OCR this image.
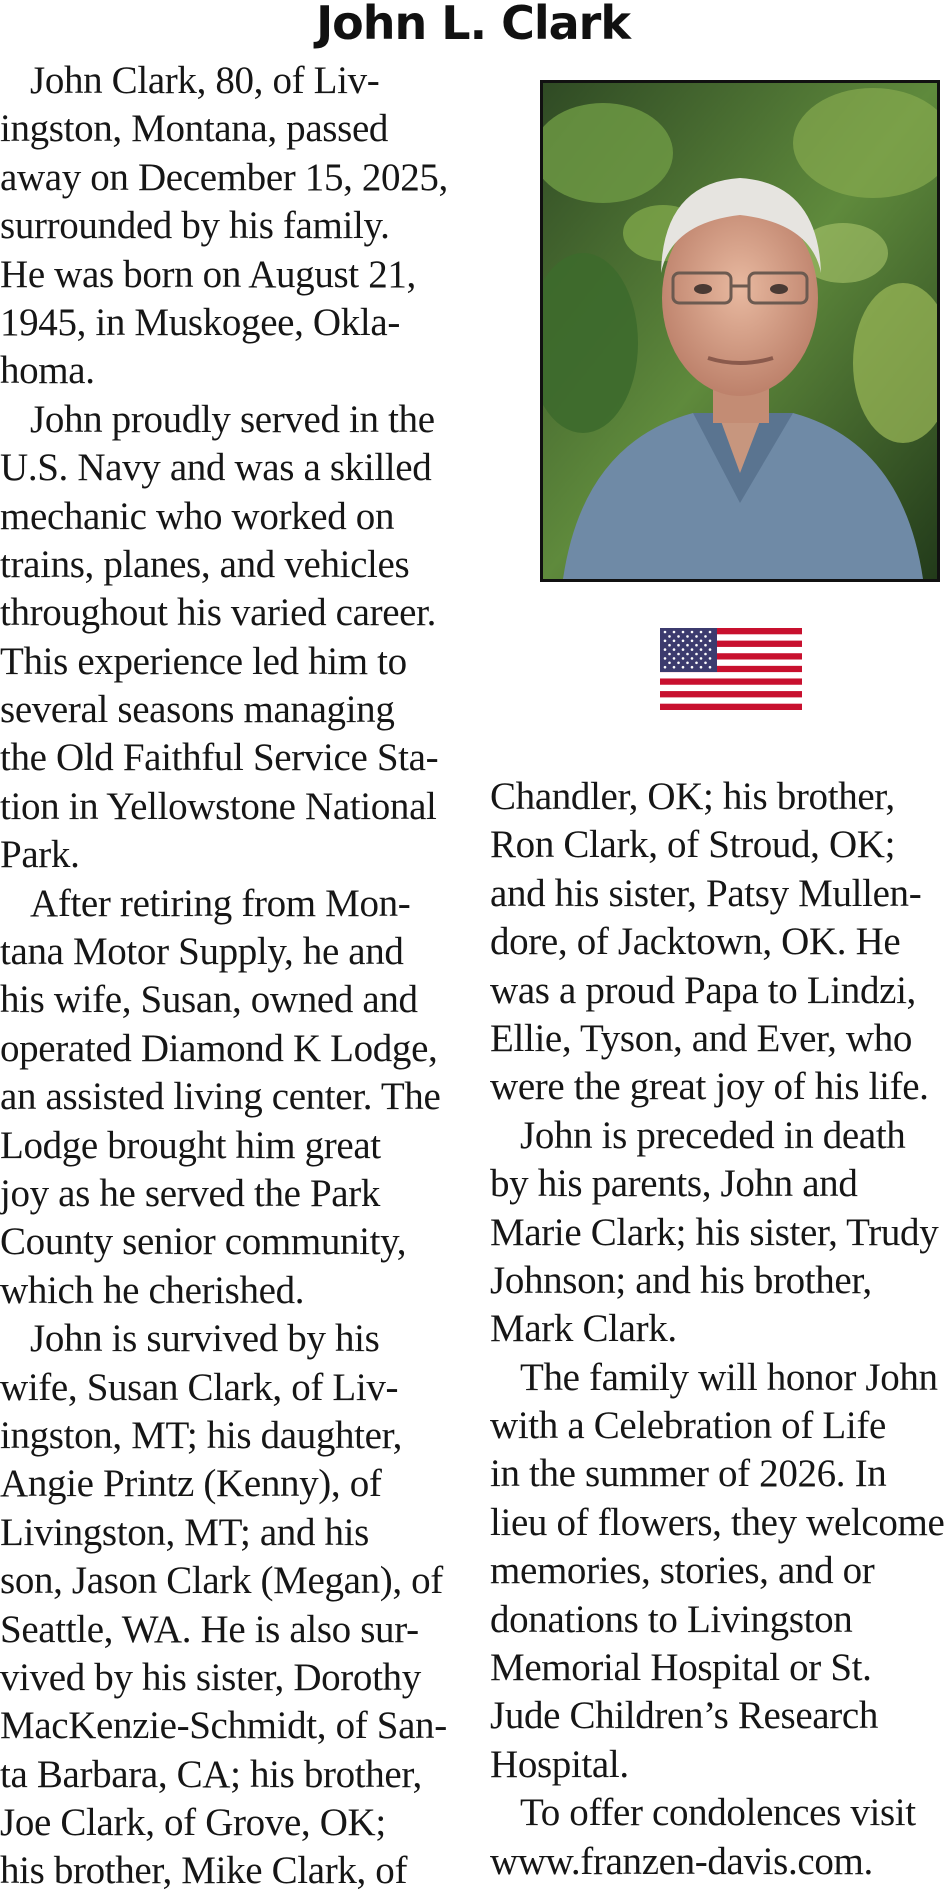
John L. Clark
John Clark, 80, of Liv-
ingston, Montana, passed
away on December 15, 2025,
surrounded by his family.
He was born on August 21,
1945, in Muskogee, Okla-
homa.
John proudly served in the
U.S. Navy and was a skilled
mechanic who worked on
trains, planes, and vehicles
throughout his varied career.
This experience led him to
several seasons managing
the Old Faithful Service Sta-
tion in Yellowstone National
Park.
After retiring from Mon-
tana Motor Supply, he and
his wife, Susan, owned and
operated Diamond K Lodge,
an assisted living center. The
Lodge brought him great
joy as he served the Park
County senior community,
which he cherished.
John is survived by his
wife, Susan Clark, of Liv-
ingston, MT; his daughter,
Angie Printz (Kenny), of
Livingston, MT; and his
son, Jason Clark (Megan), of
Seattle, WA. He is also sur-
vived by his sister, Dorothy
MacKenzie-Schmidt, of San-
ta Barbara, CA; his brother,
Joe Clark, of Grove, OK;
his brother, Mike Clark, of
Chandler, OK; his brother,
Ron Clark, of Stroud, OK;
and his sister, Patsy Mullen-
dore, of Jacktown, OK. He
was a proud Papa to Lindzi,
Ellie, Tyson, and Ever, who
were the great joy of his life.
John is preceded in death
by his parents, John and
Marie Clark; his sister, Trudy
Johnson; and his brother,
Mark Clark.
The family will honor John
with a Celebration of Life
in the summer of 2026. In
lieu of flowers, they welcome
memories, stories, and or
donations to Livingston
Memorial Hospital or St.
Jude Children’s Research
Hospital.
To offer condolences visit
www.franzen-davis.com.
